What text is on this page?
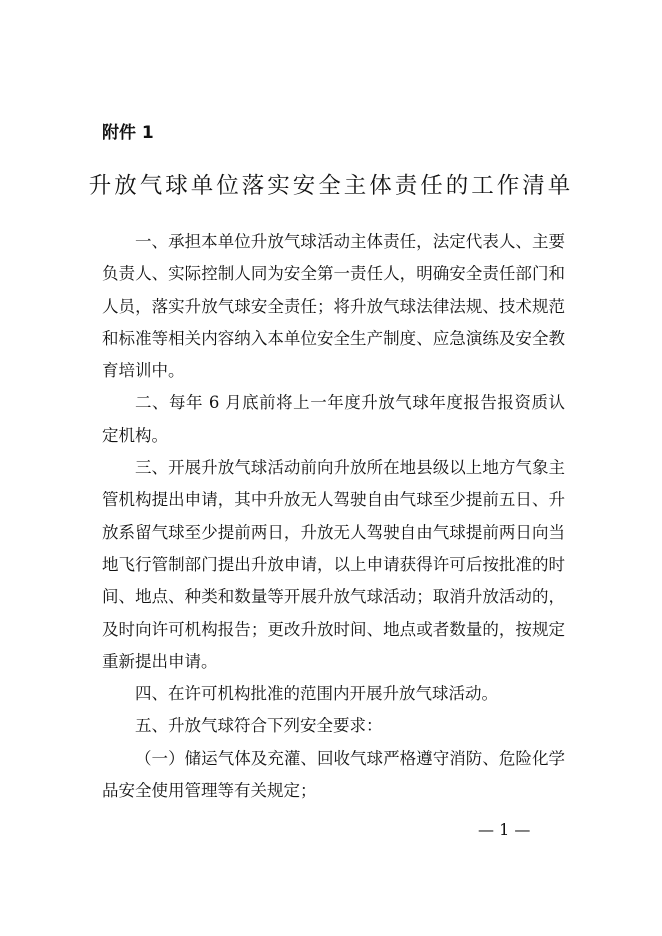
附件 1
升放气球单位落实安全主体责任的工作清单

一、承担本单位升放气球活动主体责任，法定代表人、主要负责人、实际控制人同为安全第一责任人，明确安全责任部门和人员，落实升放气球安全责任；将升放气球法律法规、技术规范和标准等相关内容纳入本单位安全生产制度、应急演练及安全教育培训中。

二、每年 6 月底前将上一年度升放气球年度报告报资质认定机构。

三、开展升放气球活动前向升放所在地县级以上地方气象主管机构提出申请，其中升放无人驾驶自由气球至少提前五日、升放系留气球至少提前两日，升放无人驾驶自由气球提前两日向当地飞行管制部门提出升放申请，以上申请获得许可后按批准的时间、地点、种类和数量等开展升放气球活动；取消升放活动的，及时向许可机构报告；更改升放时间、地点或者数量的，按规定重新提出申请。

四、在许可机构批准的范围内开展升放气球活动。

五、升放气球符合下列安全要求：

（一）储运气体及充灌、回收气球严格遵守消防、危险化学品安全使用管理等有关规定；

— 1 —
